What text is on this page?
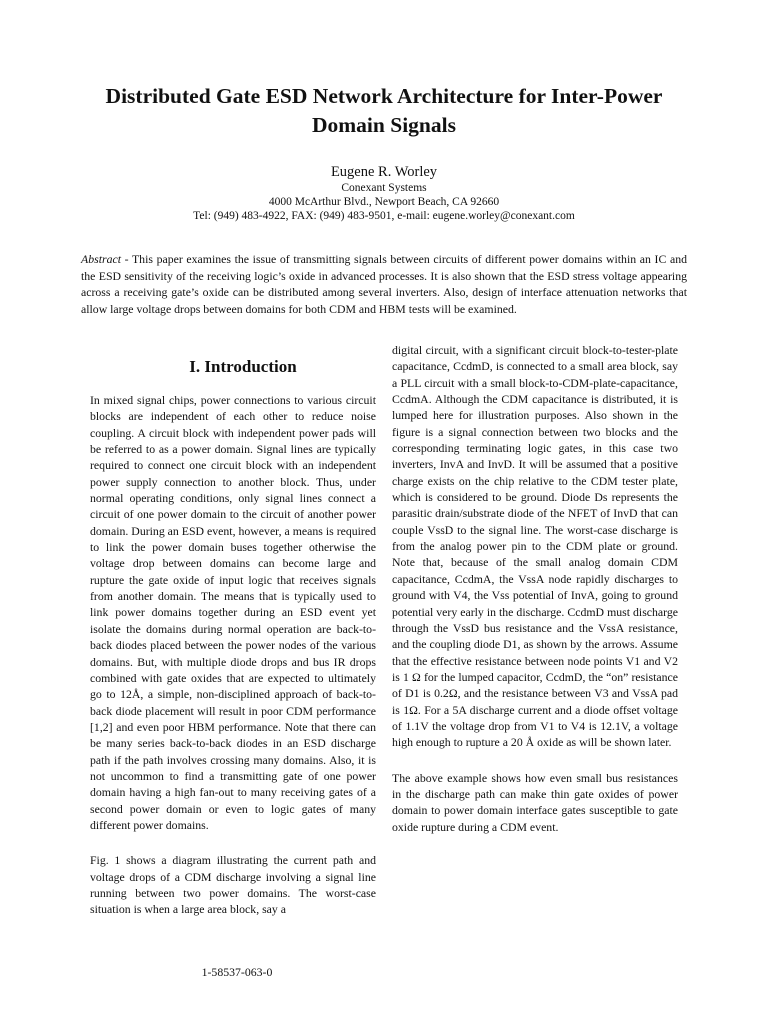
Distributed Gate ESD Network Architecture for Inter-Power Domain Signals
Eugene R. Worley
Conexant Systems
4000 McArthur Blvd., Newport Beach, CA 92660
Tel: (949) 483-4922, FAX: (949) 483-9501, e-mail: eugene.worley@conexant.com

Abstract - This paper examines the issue of transmitting signals between circuits of different power domains within an IC and the ESD sensitivity of the receiving logic’s oxide in advanced processes. It is also shown that the ESD stress voltage appearing across a receiving gate’s oxide can be distributed among several inverters. Also, design of interface attenuation networks that allow large voltage drops between domains for both CDM and HBM tests will be examined.

I. Introduction

In mixed signal chips, power connections to various circuit blocks are independent of each other to reduce noise coupling. A circuit block with independent power pads will be referred to as a power domain. Signal lines are typically required to connect one circuit block with an independent power supply connection to another block. Thus, under normal operating conditions, only signal lines connect a circuit of one power domain to the circuit of another power domain. During an ESD event, however, a means is required to link the power domain buses together otherwise the voltage drop between domains can become large and rupture the gate oxide of input logic that receives signals from another domain. The means that is typically used to link power domains together during an ESD event yet isolate the domains during normal operation are back-to-back diodes placed between the power nodes of the various domains. But, with multiple diode drops and bus IR drops combined with gate oxides that are expected to ultimately go to 12Å, a simple, non-disciplined approach of back-to-back diode placement will result in poor CDM performance [1,2] and even poor HBM performance. Note that there can be many series back-to-back diodes in an ESD discharge path if the path involves crossing many domains. Also, it is not uncommon to find a transmitting gate of one power domain having a high fan-out to many receiving gates of a second power domain or even to logic gates of many different power domains.

Fig. 1 shows a diagram illustrating the current path and voltage drops of a CDM discharge involving a signal line running between two power domains. The worst-case situation is when a large area block, say a

digital circuit, with a significant circuit block-to-tester-plate capacitance, CcdmD, is connected to a small area block, say a PLL circuit with a small block-to-CDM-plate-capacitance, CcdmA. Although the CDM capacitance is distributed, it is lumped here for illustration purposes. Also shown in the figure is a signal connection between two blocks and the corresponding terminating logic gates, in this case two inverters, InvA and InvD. It will be assumed that a positive charge exists on the chip relative to the CDM tester plate, which is considered to be ground. Diode Ds represents the parasitic drain/substrate diode of the NFET of InvD that can couple VssD to the signal line. The worst-case discharge is from the analog power pin to the CDM plate or ground. Note that, because of the small analog domain CDM capacitance, CcdmA, the VssA node rapidly discharges to ground with V4, the Vss potential of InvA, going to ground potential very early in the discharge. CcdmD must discharge through the VssD bus resistance and the VssA resistance, and the coupling diode D1, as shown by the arrows. Assume that the effective resistance between node points V1 and V2 is 1 Ω for the lumped capacitor, CcdmD, the “on” resistance of D1 is 0.2Ω, and the resistance between V3 and VssA pad is 1Ω. For a 5A discharge current and a diode offset voltage of 1.1V the voltage drop from V1 to V4 is 12.1V, a voltage high enough to rupture a 20 Å oxide as will be shown later.

The above example shows how even small bus resistances in the discharge path can make thin gate oxides of power domain to power domain interface gates susceptible to gate oxide rupture during a CDM event.

1-58537-063-0
